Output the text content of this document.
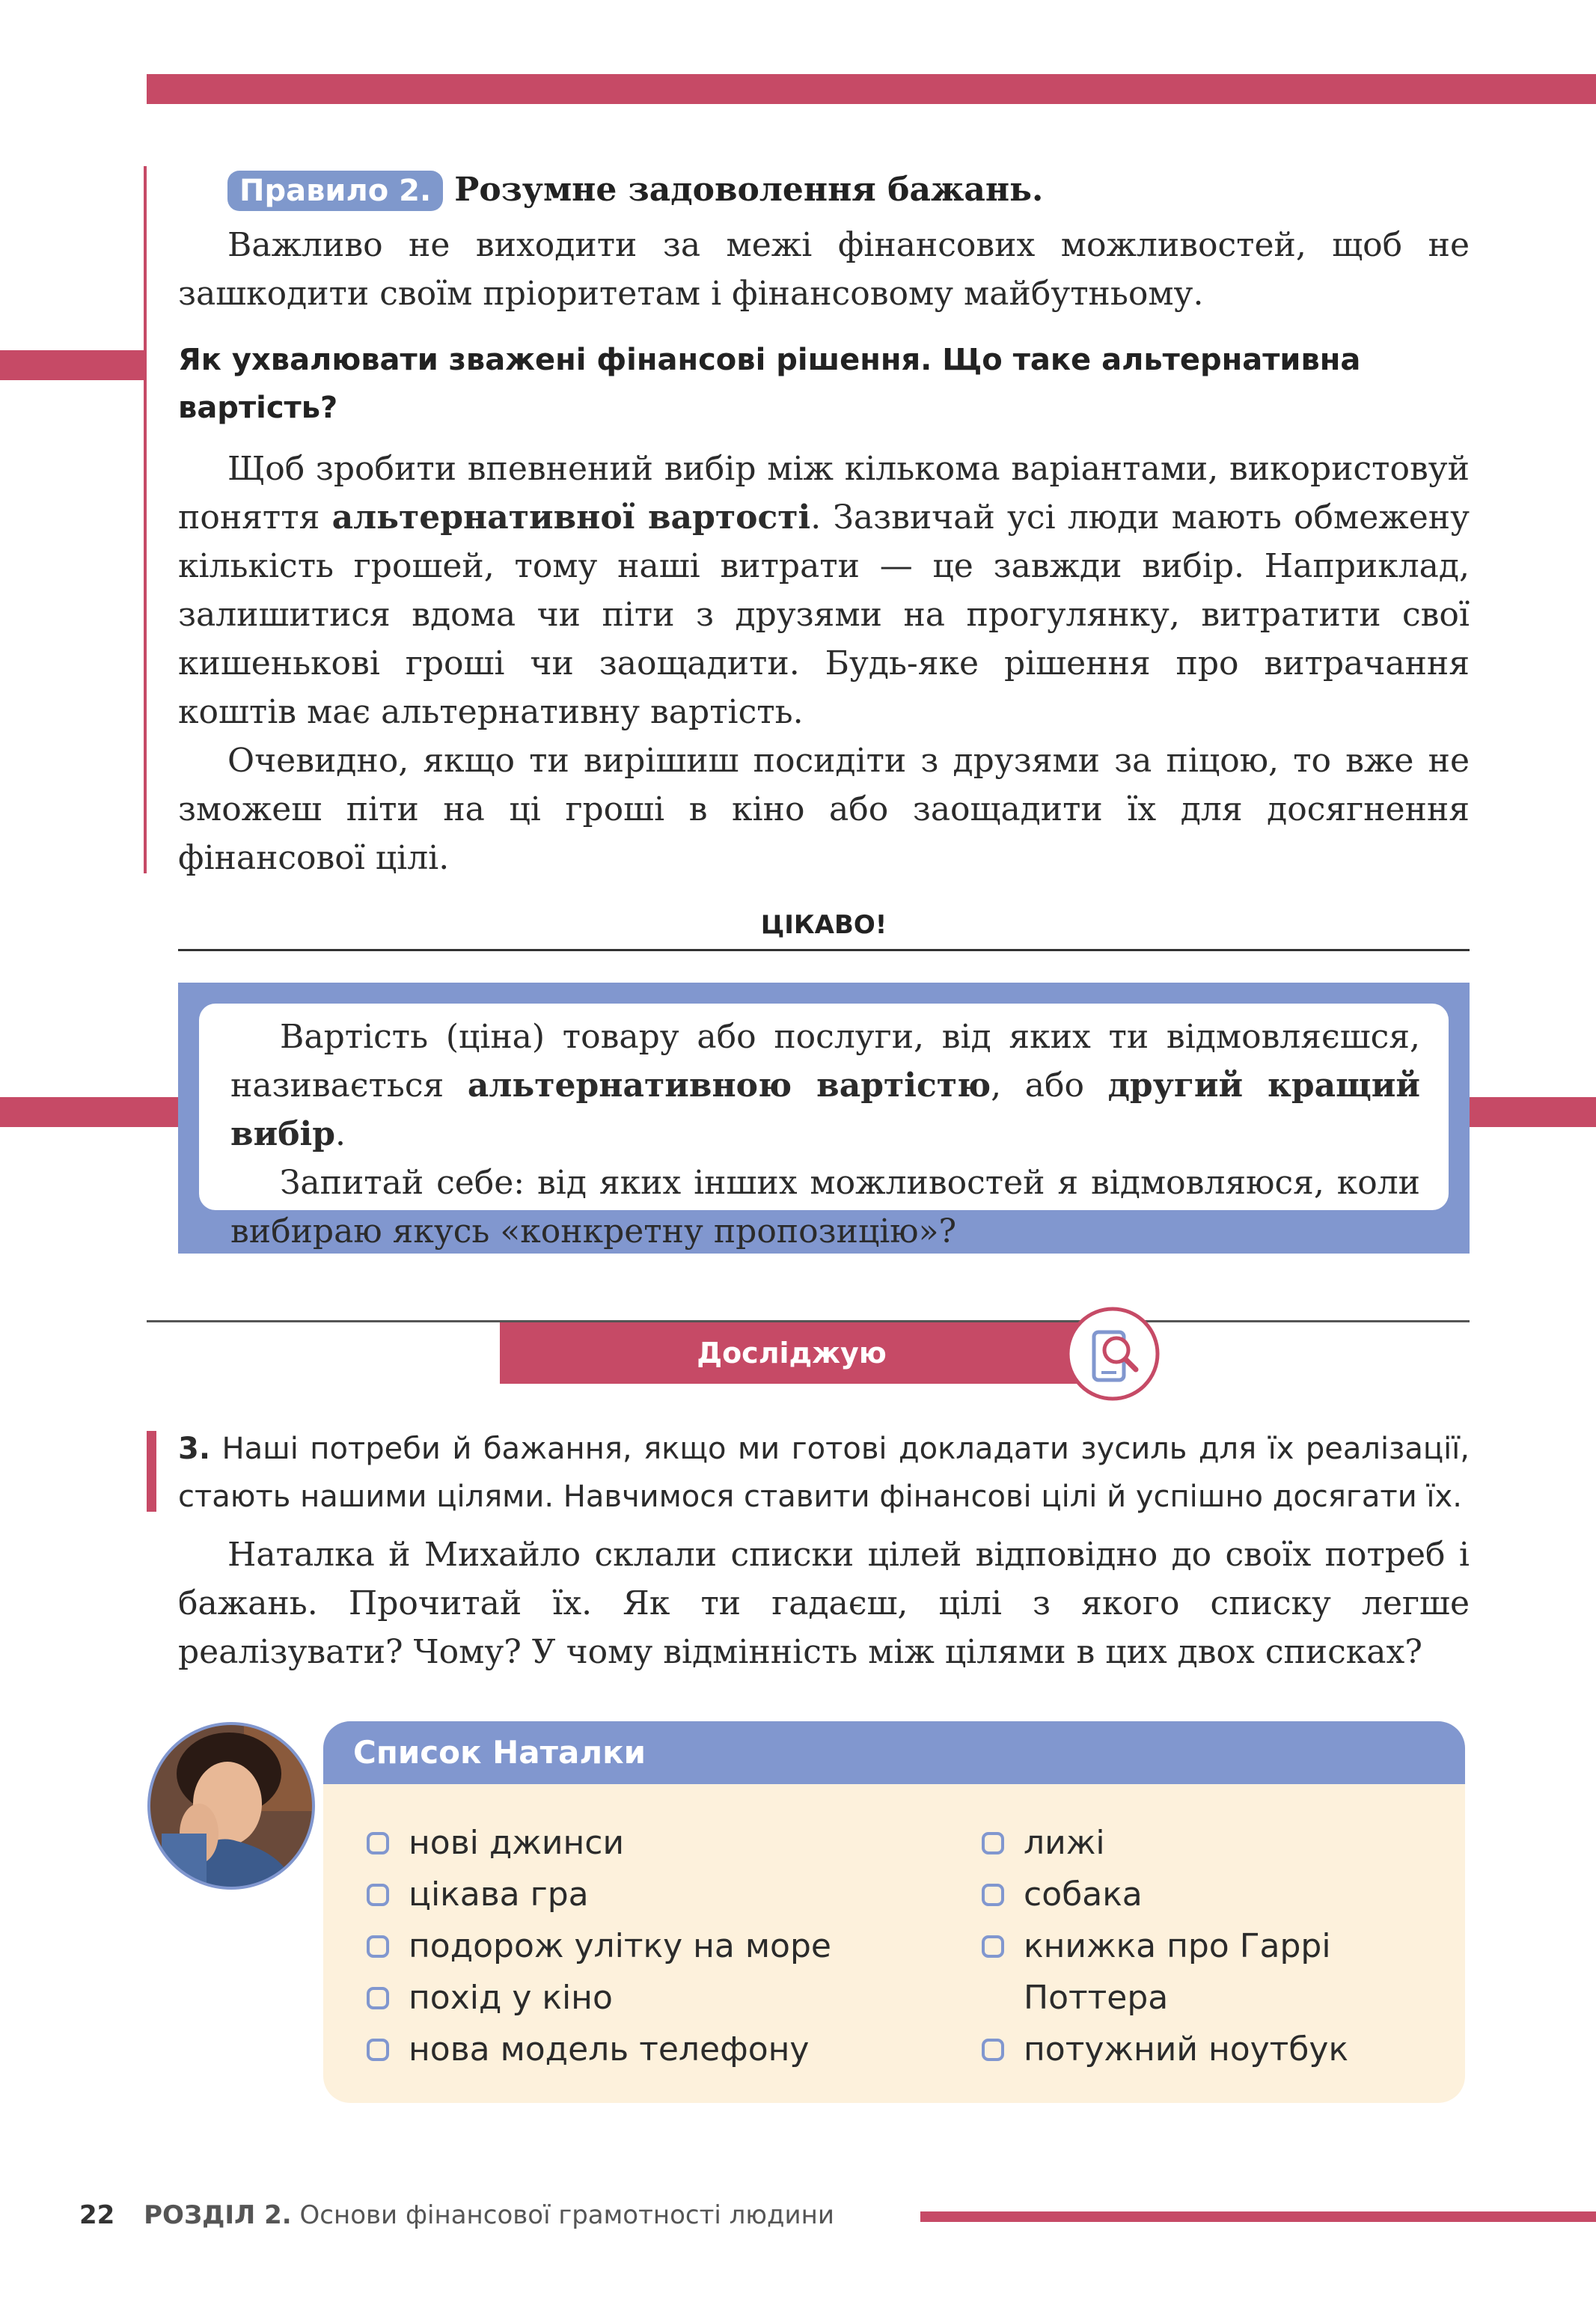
Правило 2. Розумне задоволення бажань.

Важливо не виходити за межі фінансових можливостей, щоб не зашкодити своїм пріоритетам і фінансовому майбутньому.

Як ухвалювати зважені фінансові рішення. Що таке альтернативна вартість?

Щоб зробити впевнений вибір між кількома варіантами, використовуй поняття альтернативної вартості. Зазвичай усі люди мають обмежену кількість грошей, тому наші витрати — це завжди вибір. Наприклад, залишитися вдома чи піти з друзями на прогулянку, витратити свої кишенькові гроші чи заощадити. Будь-яке рішення про витрачання коштів має альтернативну вартість.

Очевидно, якщо ти вирішиш посидіти з друзями за піцою, то вже не зможеш піти на ці гроші в кіно або заощадити їх для досягнення фінансової цілі.

ЦІКАВО!

Вартість (ціна) товару або послуги, від яких ти відмовляєшся, називається альтернативною вартістю, або другий кращий вибір.

Запитай себе: від яких інших можливостей я відмовляюся, коли вибираю якусь «конкретну пропозицію»?

Досліджую
3. Наші потреби й бажання, якщо ми готові докладати зусиль для їх реалізації, стають нашими цілями. Навчимося ставити фінансові цілі й успішно досягати їх.

Наталка й Михайло склали списки цілей відповідно до своїх потреб і бажань. Прочитай їх. Як ти гадаєш, цілі з якого списку легше реалізувати? Чому? У чому відмінність між цілями в цих двох списках?

Список Наталки
нові джинси
цікава гра
подорож улітку на море
похід у кіно
нова модель телефону
лижі
собака
книжка про Гаррі Поттера
потужний ноутбук
22 РОЗДІЛ 2. Основи фінансової грамотності людини
